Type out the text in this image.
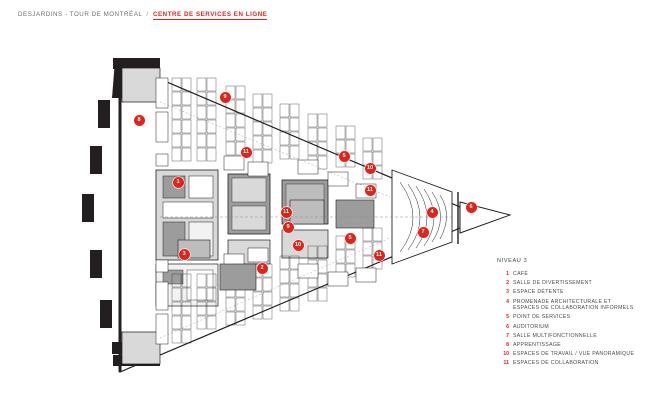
DESJARDINS - TOUR DE MONTRÉAL / CENTRE DE SERVICES EN LIGNE
1
2
3
4
5
5
6
7
8
9
9
10
10
11
11
11
11
NIVEAU 3
1 CAFÉ
2 SALLE DE DIVERTISSEMENT
3 ESPACE DÉTENTE
4 PROMENADE ARCHITECTURALE ET
ESPACES DE COLLABORATION INFORMELS
5 POINT DE SERVICES
6 AUDITORIUM
7 SALLE MULTIFONCTIONNELLE
8 APPRENTISSAGE
10 ESPACES DE TRAVAIL / VUE PANORAMIQUE
11 ESPACES DE COLLABORATION
